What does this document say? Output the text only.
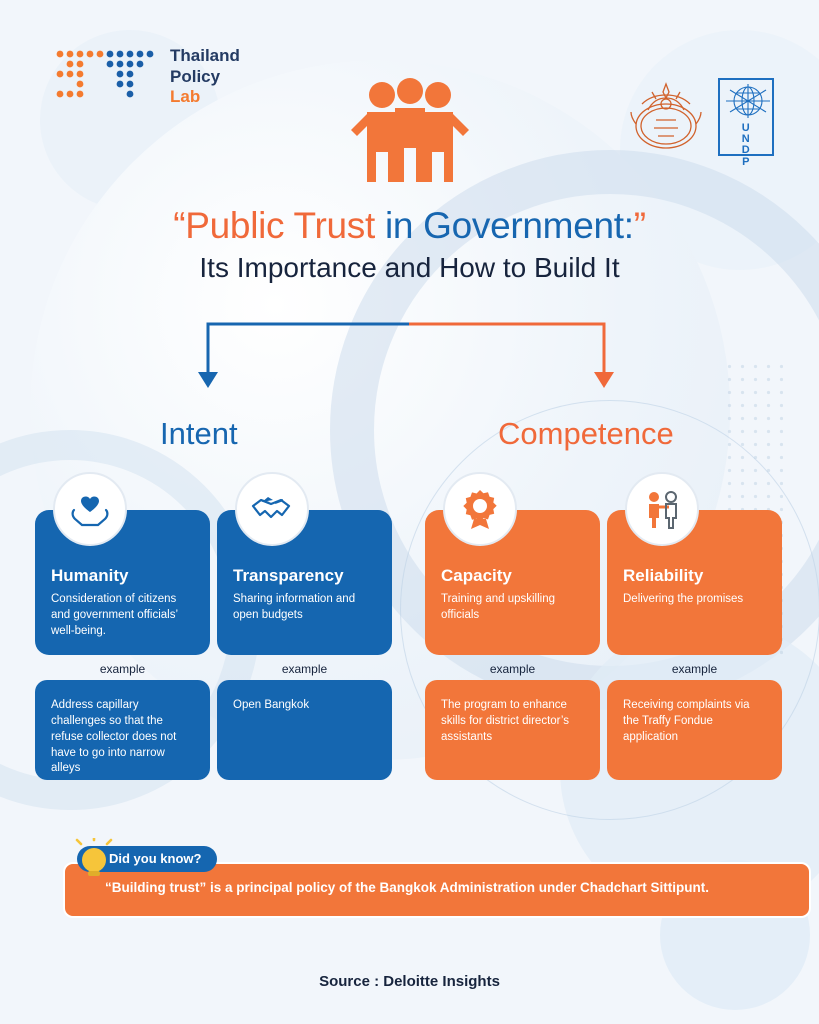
Thailand
Policy
Lab
U
N
D
P
“Public Trust in Government:”
Its Importance and How to Build It
Intent	Competence
Humanity
Consideration of citizens and government officials’ well-being.
example
Address capillary challenges so that the refuse collector does not have to go into narrow alleys
Transparency
Sharing information and open budgets
example
Open Bangkok
Capacity
Training and upskilling officials
example
The program to enhance skills for district director’s assistants
Reliability
Delivering the promises
example
Receiving complaints via the Traffy Fondue application
“Building trust” is a principal policy of the Bangkok Administration under Chadchart Sittipunt.
Did you know?
Source : Deloitte Insights
